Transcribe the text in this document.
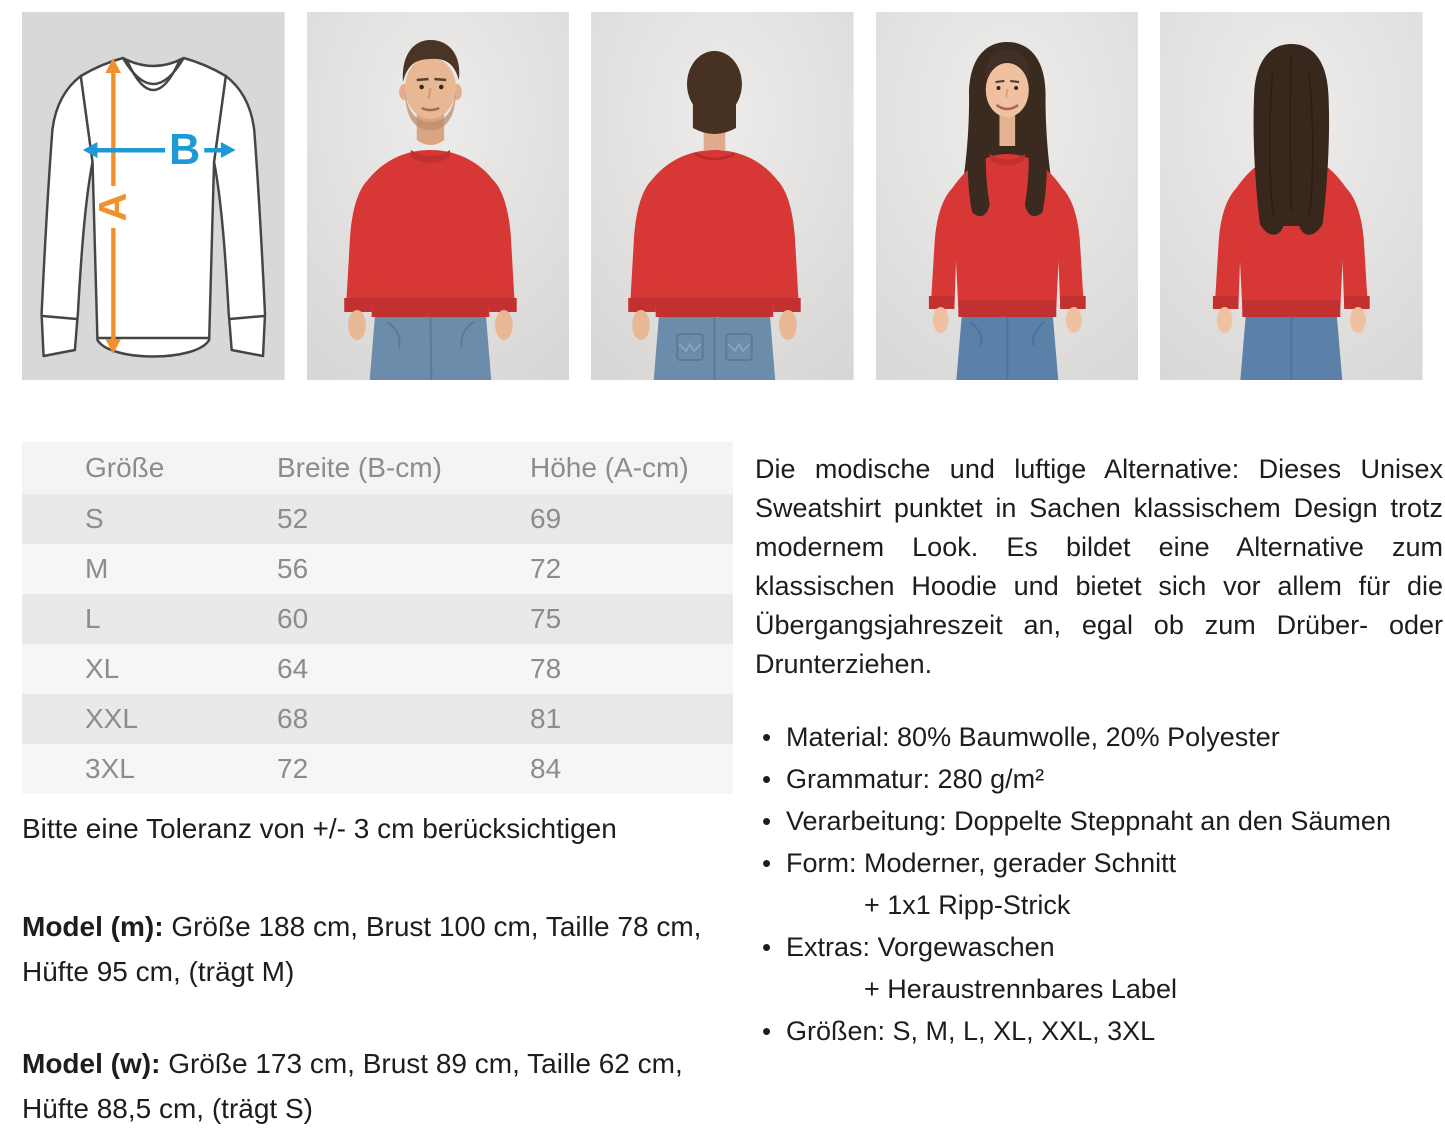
A
B
Größe	Breite (B-cm)	Höhe (A-cm)
S	52	69
M	56	72
L	60	75
XL	64	78
XXL	68	81
3XL	72	84

Bitte eine Toleranz von +/- 3 cm berücksichtigen

Model (m): Größe 188 cm, Brust 100 cm, Taille 78 cm, Hüfte 95 cm, (trägt M)

Model (w): Größe 173 cm, Brust 89 cm, Taille 62 cm, Hüfte 88,5 cm, (trägt S)

Die modische und luftige Alternative: Dieses Unisex Sweatshirt punktet in Sachen klassischem Design trotz modernem Look. Es bildet eine Alternative zum klassischen Hoodie und bietet sich vor allem für die Übergangsjahreszeit an, egal ob zum Drüber- oder Drunterziehen.

• Material: 80% Baumwolle, 20% Polyester
• Grammatur: 280 g/m²
• Verarbeitung: Doppelte Steppnaht an den Säumen
• Form: Moderner, gerader Schnitt
+ 1x1 Ripp-Strick
• Extras: Vorgewaschen
+ Heraustrennbares Label
• Größen: S, M, L, XL, XXL, 3XL
